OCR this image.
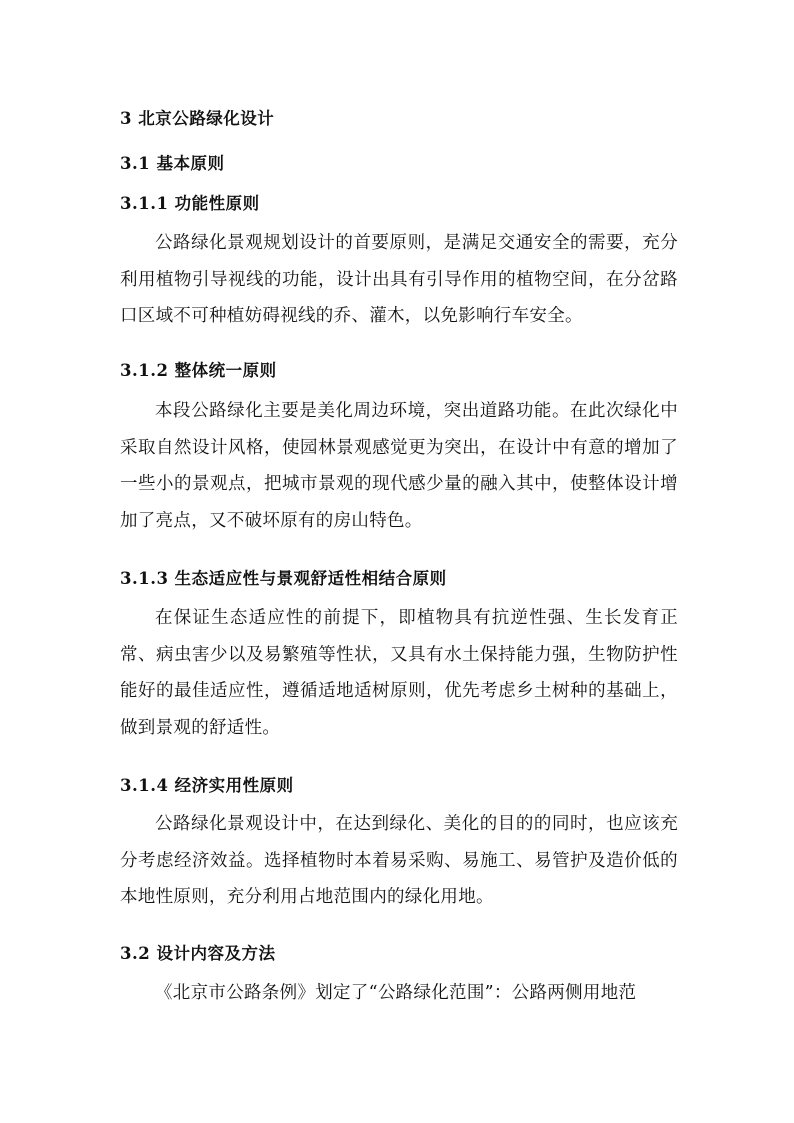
3 北京公路绿化设计
3.1 基本原则
3.1.1 功能性原则

公路绿化景观规划设计的首要原则，是满足交通安全的需要，充分利用植物引导视线的功能，设计出具有引导作用的植物空间，在分岔路口区域不可种植妨碍视线的乔、灌木，以免影响行车安全。

3.1.2 整体统一原则

本段公路绿化主要是美化周边环境，突出道路功能。在此次绿化中采取自然设计风格，使园林景观感觉更为突出，在设计中有意的增加了一些小的景观点，把城市景观的现代感少量的融入其中，使整体设计增加了亮点，又不破坏原有的房山特色。

3.1.3 生态适应性与景观舒适性相结合原则

在保证生态适应性的前提下，即植物具有抗逆性强、生长发育正常、病虫害少以及易繁殖等性状，又具有水土保持能力强，生物防护性能好的最佳适应性，遵循适地适树原则，优先考虑乡土树种的基础上，做到景观的舒适性。

3.1.4 经济实用性原则

公路绿化景观设计中，在达到绿化、美化的目的的同时，也应该充分考虑经济效益。选择植物时本着易采购、易施工、易管护及造价低的本地性原则，充分利用占地范围内的绿化用地。

3.2 设计内容及方法

《北京市公路条例》划定了“公路绿化范围”：公路两侧用地范
